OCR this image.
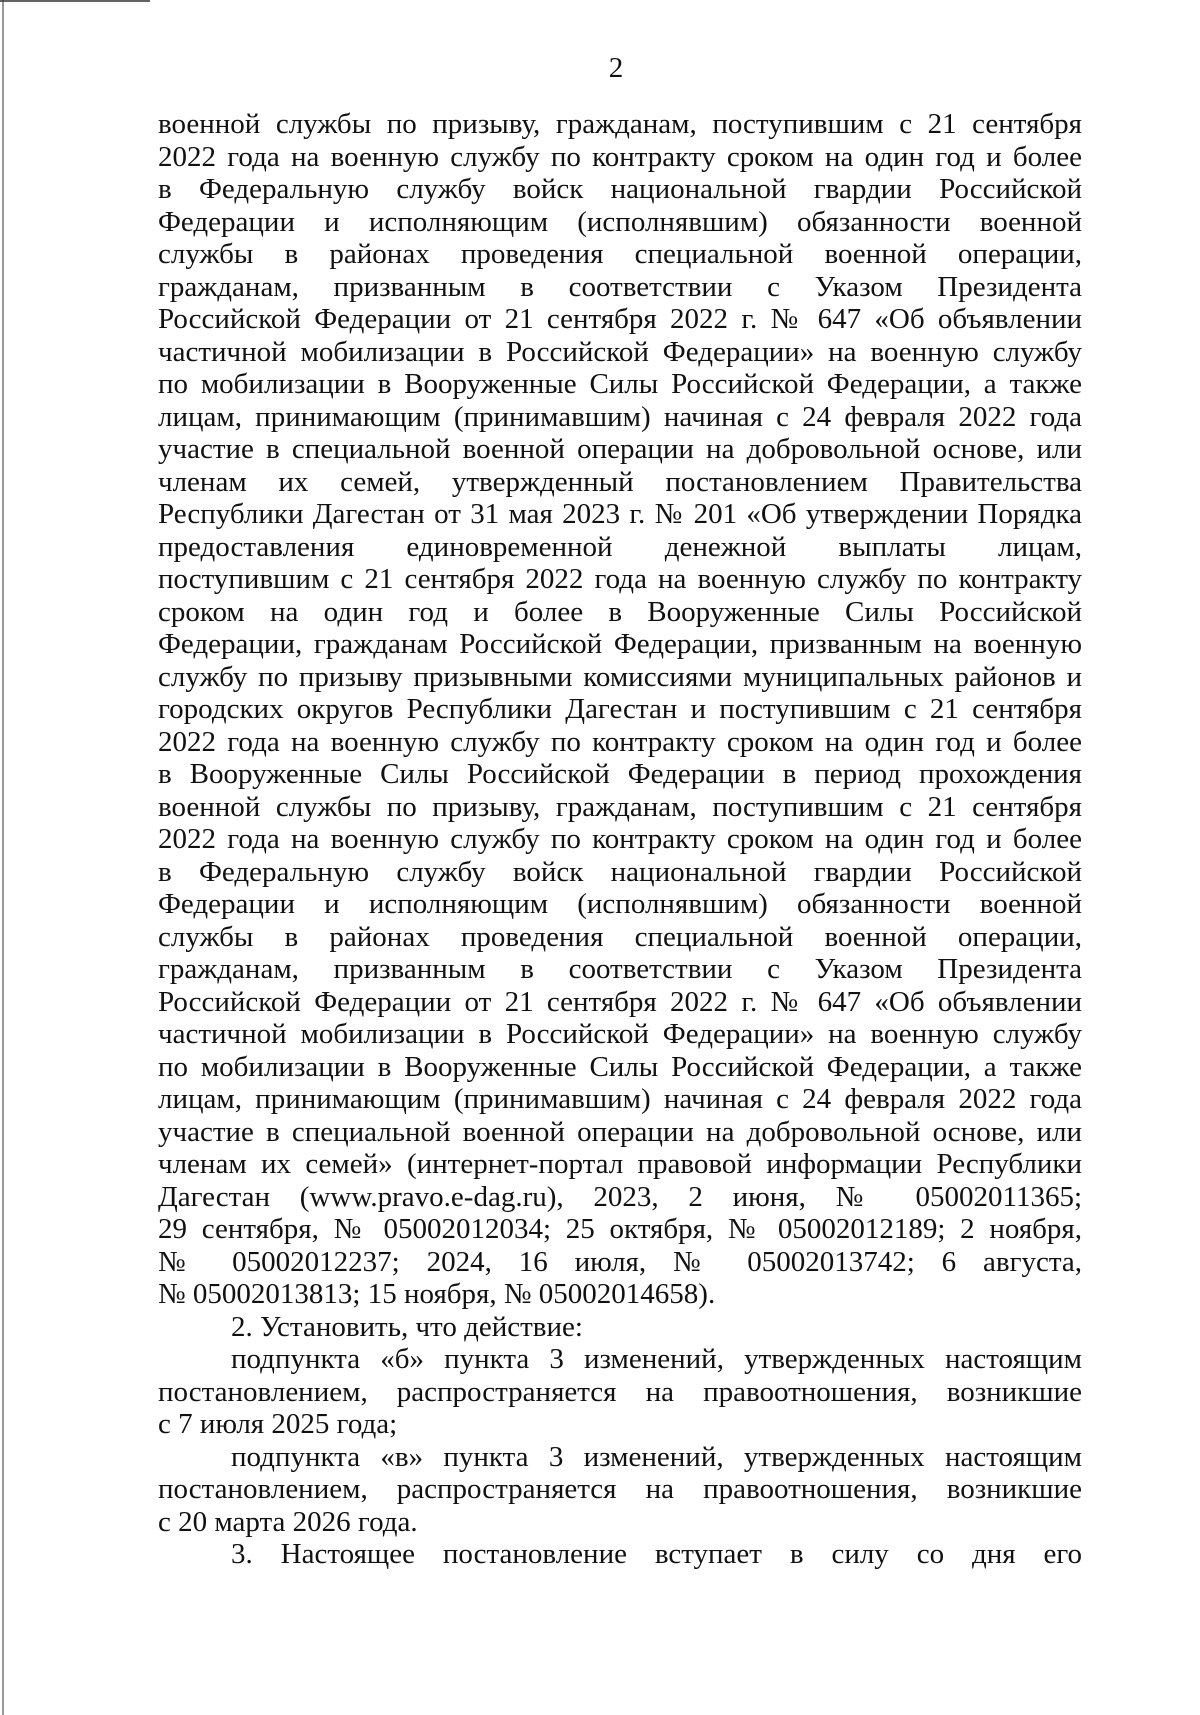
2
военной службы по призыву, гражданам, поступившим с 21 сентября
2022 года на военную службу по контракту сроком на один год и более
в Федеральную службу войск национальной гвардии Российской
Федерации и исполняющим (исполнявшим) обязанности военной
службы в районах проведения специальной военной операции,
гражданам, призванным в соответствии с Указом Президента
Российской Федерации от 21 сентября 2022 г. № 647 «Об объявлении
частичной мобилизации в Российской Федерации» на военную службу
по мобилизации в Вооруженные Силы Российской Федерации, а также
лицам, принимающим (принимавшим) начиная с 24 февраля 2022 года
участие в специальной военной операции на добровольной основе, или
членам их семей, утвержденный постановлением Правительства
Республики Дагестан от 31 мая 2023 г. № 201 «Об утверждении Порядка
предоставления единовременной денежной выплаты лицам,
поступившим с 21 сентября 2022 года на военную службу по контракту
сроком на один год и более в Вооруженные Силы Российской
Федерации, гражданам Российской Федерации, призванным на военную
службу по призыву призывными комиссиями муниципальных районов и
городских округов Республики Дагестан и поступившим с 21 сентября
2022 года на военную службу по контракту сроком на один год и более
в Вооруженные Силы Российской Федерации в период прохождения
военной службы по призыву, гражданам, поступившим с 21 сентября
2022 года на военную службу по контракту сроком на один год и более
в Федеральную службу войск национальной гвардии Российской
Федерации и исполняющим (исполнявшим) обязанности военной
службы в районах проведения специальной военной операции,
гражданам, призванным в соответствии с Указом Президента
Российской Федерации от 21 сентября 2022 г. № 647 «Об объявлении
частичной мобилизации в Российской Федерации» на военную службу
по мобилизации в Вооруженные Силы Российской Федерации, а также
лицам, принимающим (принимавшим) начиная с 24 февраля 2022 года
участие в специальной военной операции на добровольной основе, или
членам их семей» (интернет-портал правовой информации Республики
Дагестан (www.pravo.e-dag.ru), 2023, 2 июня, № 05002011365;
29 сентября, № 05002012034; 25 октября, № 05002012189; 2 ноября,
№ 05002012237; 2024, 16 июля, № 05002013742; 6 августа,
№ 05002013813; 15 ноября, № 05002014658).
2. Установить, что действие:
подпункта «б» пункта 3 изменений, утвержденных настоящим
постановлением, распространяется на правоотношения, возникшие
с 7 июля 2025 года;
подпункта «в» пункта 3 изменений, утвержденных настоящим
постановлением, распространяется на правоотношения, возникшие
с 20 марта 2026 года.
3. Настоящее постановление вступает в силу со дня его
